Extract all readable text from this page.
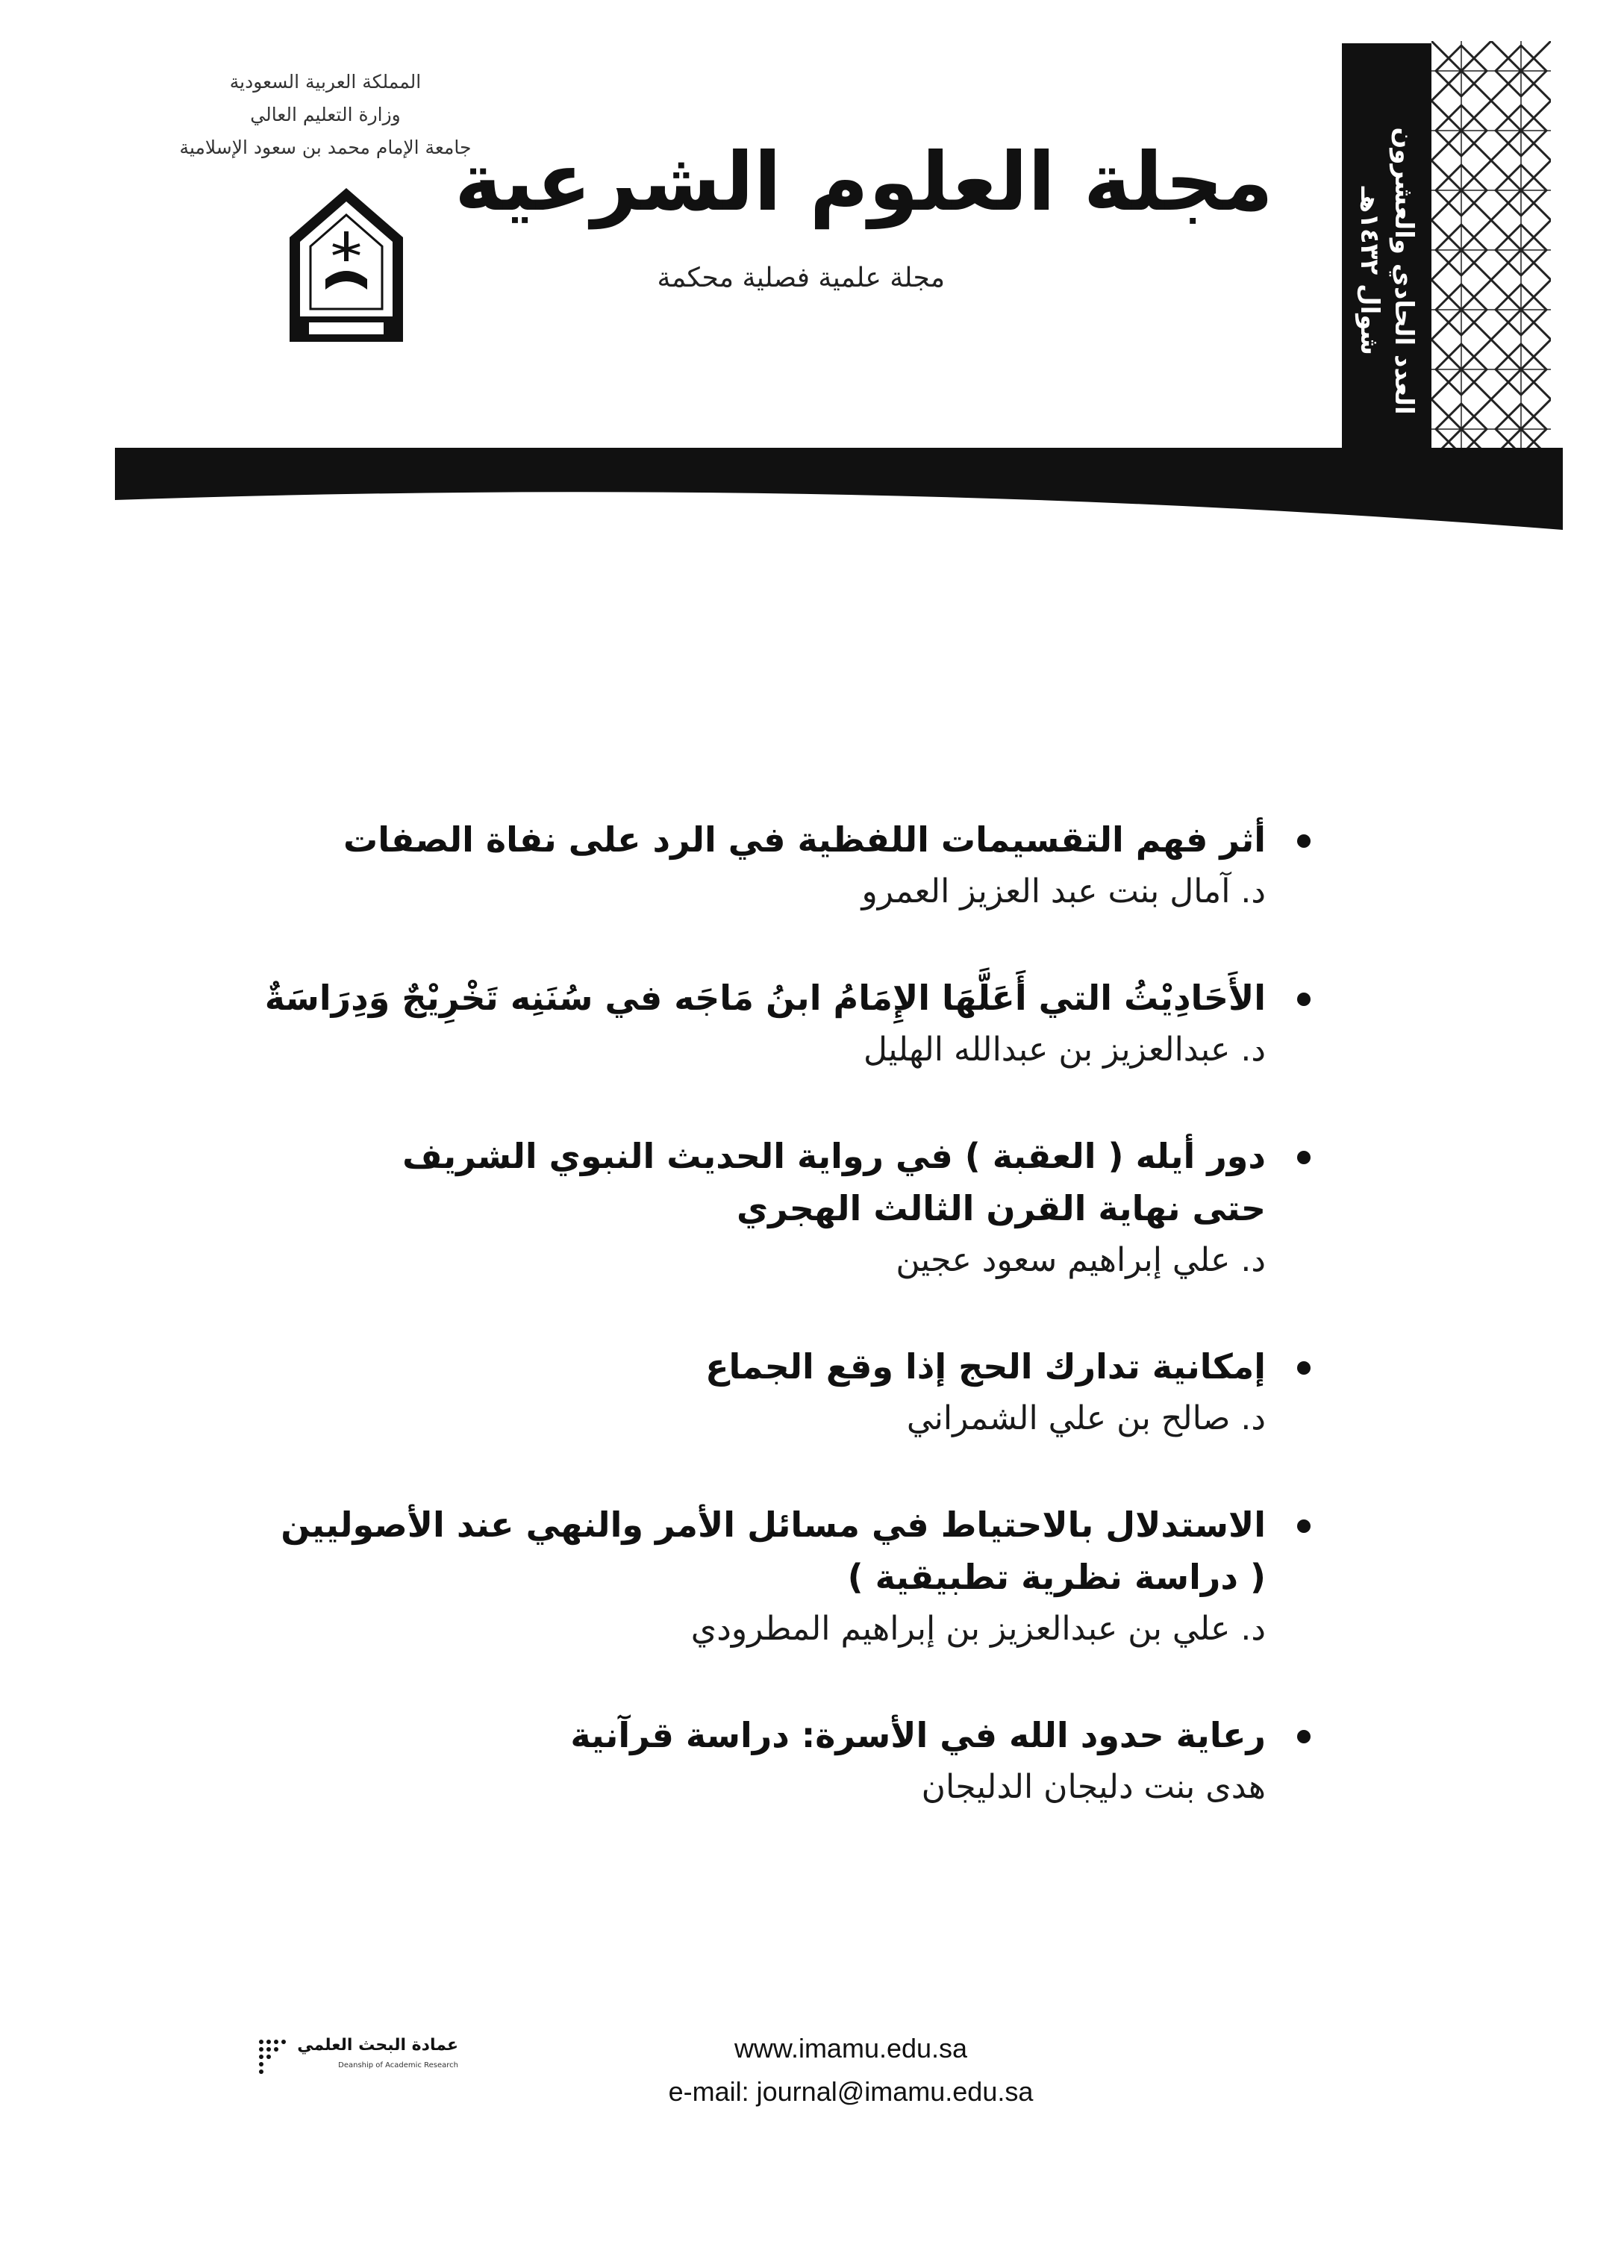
المملكة العربية السعودية
وزارة التعليم العالي
جامعة الإمام محمد بن سعود الإسلامية
مجلة العلوم الشرعية
مجلة علمية فصلية محكمة	العدد الحادي والعشرون
شوال ١٤٣٢هـ
أثر فهم التقسيمات اللفظية في الرد على نفاة الصفات
د. آمال بنت عبد العزيز العمرو
الأَحَادِيْثُ التي أَعَلَّهَا الإِمَامُ ابنُ مَاجَه في سُنَنِه تَخْرِيْجٌ وَدِرَاسَةٌ
د. عبدالعزيز بن عبدالله الهليل
دور أيله ( العقبة ) في رواية الحديث النبوي الشريف
حتى نهاية القرن الثالث الهجري
د. علي إبراهيم سعود عجين
إمكانية تدارك الحج إذا وقع الجماع
د. صالح بن علي الشمراني
الاستدلال بالاحتياط في مسائل الأمر والنهي عند الأصوليين
( دراسة نظرية تطبيقية )
د. علي بن عبدالعزيز بن إبراهيم المطرودي
رعاية حدود الله في الأسرة: دراسة قرآنية
هدى بنت دليجان الدليجان
عمادة البحث العلمي
Deanship of Academic Research
www.imamu.edu.sa
e-mail: journal@imamu.edu.sa
